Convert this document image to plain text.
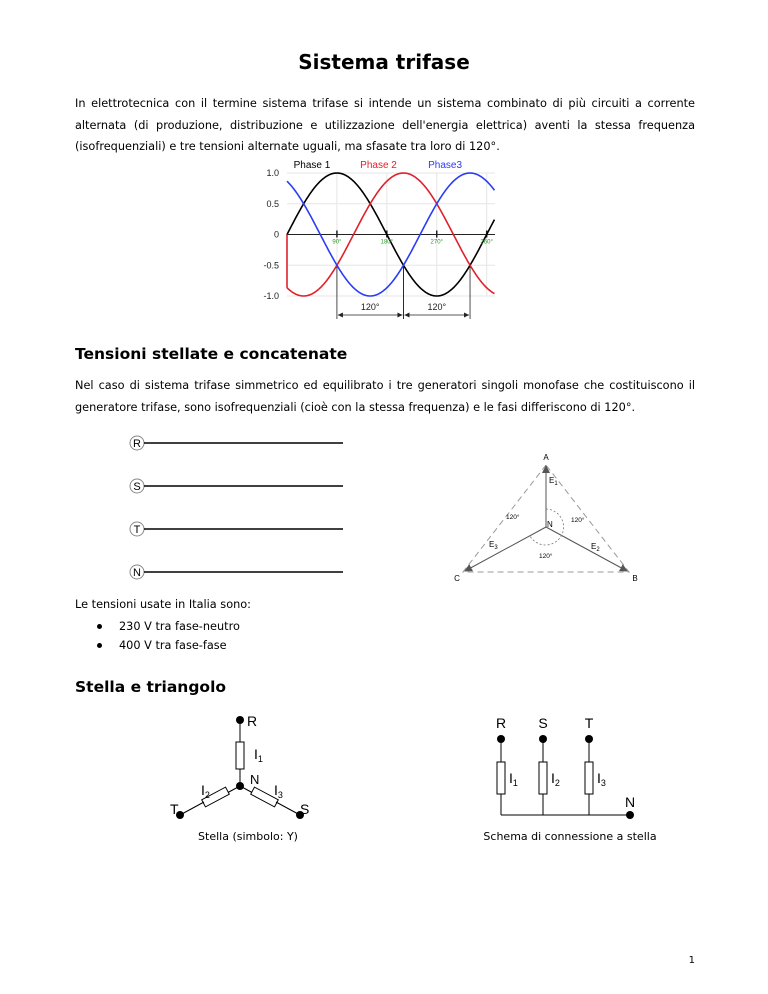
Sistema trifase

In elettrotecnica con il termine sistema trifase si intende un sistema combinato di più circuiti a corrente alternata (di produzione, distribuzione e utilizzazione dell'energia elettrica) aventi la stessa frequenza (isofrequenziali) e tre tensioni alternate uguali, ma sfasate tra loro di 120°.

1.0
0.5
0
-0.5
-1.0
90°	180°	270°	360°
Phase 1	Phase 2	Phase3
120°	120°
Tensioni stellate e concatenate

Nel caso di sistema trifase simmetrico ed equilibrato i tre generatori singoli monofase che costituiscono il generatore trifase, sono isofrequenziali (cioè con la stessa frequenza) e le fasi differiscono di 120°.

R
S
T
N
A
B
C
N
$E_1$
$E_2$
$E_3$
120°	120°
120°
Le tensioni usate in Italia sono:
230 V tra fase-neutro
400 V tra fase-fase
Stella e triangolo
R
T	S
N
$I_1$
$I_2$	$I_3$
Stella (simbolo: Y)
R S	T
$I_1$ $I_2$	$I_3$
N
Schema di connessione a stella
1
